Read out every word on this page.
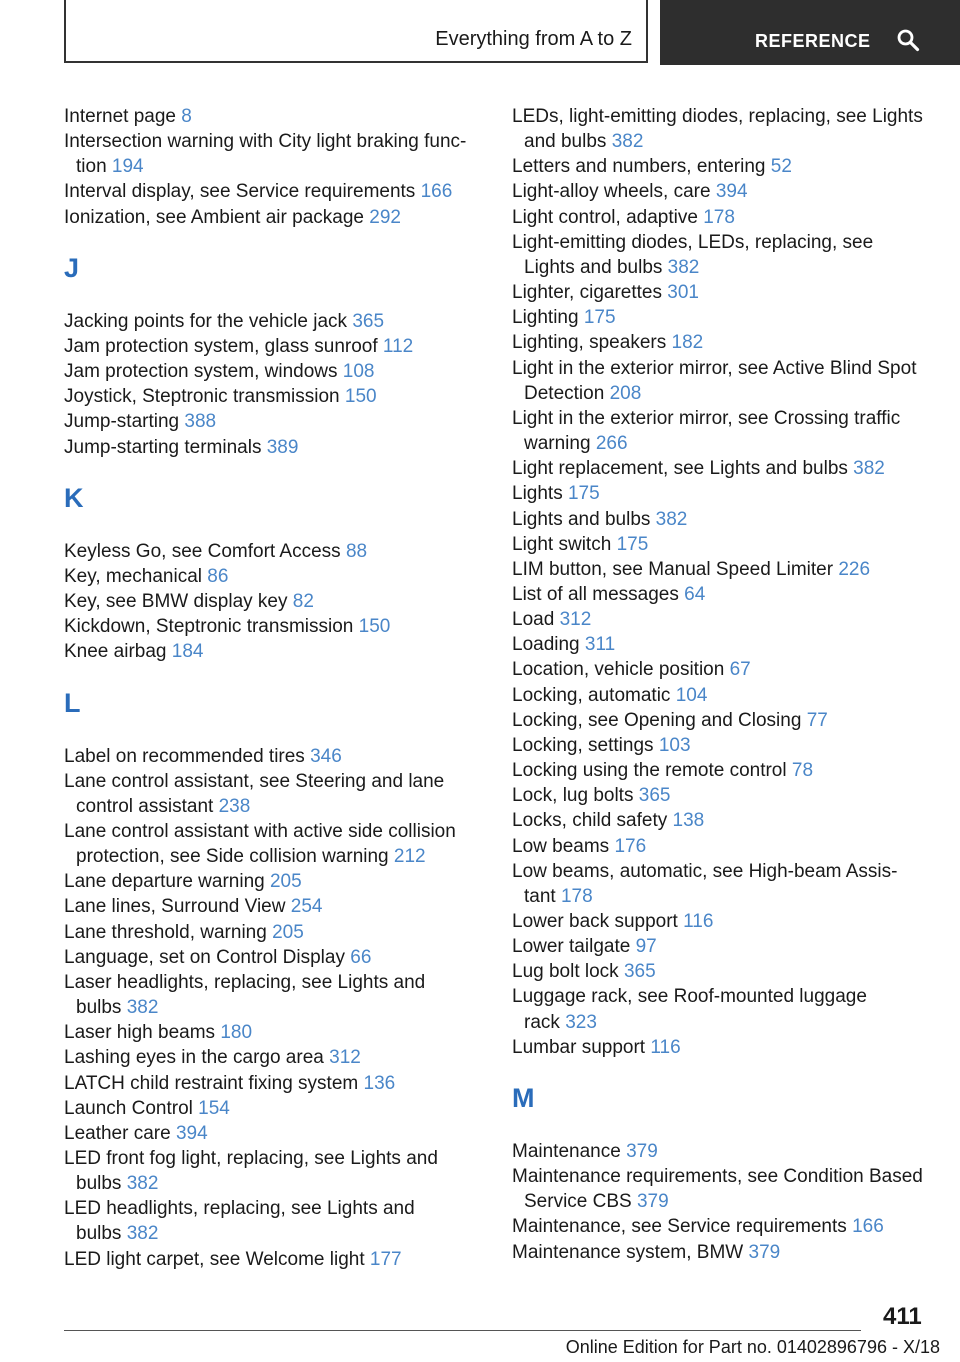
Everything from A to Z	REFERENCE
Internet page 8
Intersection warning with City light braking func‐
tion 194
Interval display, see Service requirements 166
Ionization, see Ambient air package 292
J
Jacking points for the vehicle jack 365
Jam protection system, glass sunroof 112
Jam protection system, windows 108
Joystick, Steptronic transmission 150
Jump-starting 388
Jump-starting terminals 389
K
Keyless Go, see Comfort Access 88
Key, mechanical 86
Key, see BMW display key 82
Kickdown, Steptronic transmission 150
Knee airbag 184
L
Label on recommended tires 346
Lane control assistant, see Steering and lane
control assistant 238
Lane control assistant with active side collision
protection, see Side collision warning 212
Lane departure warning 205
Lane lines, Surround View 254
Lane threshold, warning 205
Language, set on Control Display 66
Laser headlights, replacing, see Lights and
bulbs 382
Laser high beams 180
Lashing eyes in the cargo area 312
LATCH child restraint fixing system 136
Launch Control 154
Leather care 394
LED front fog light, replacing, see Lights and
bulbs 382
LED headlights, replacing, see Lights and
bulbs 382
LED light carpet, see Welcome light 177
LEDs, light-emitting diodes, replacing, see Lights
and bulbs 382
Letters and numbers, entering 52
Light-alloy wheels, care 394
Light control, adaptive 178
Light-emitting diodes, LEDs, replacing, see
Lights and bulbs 382
Lighter, cigarettes 301
Lighting 175
Lighting, speakers 182
Light in the exterior mirror, see Active Blind Spot
Detection 208
Light in the exterior mirror, see Crossing traffic
warning 266
Light replacement, see Lights and bulbs 382
Lights 175
Lights and bulbs 382
Light switch 175
LIM button, see Manual Speed Limiter 226
List of all messages 64
Load 312
Loading 311
Location, vehicle position 67
Locking, automatic 104
Locking, see Opening and Closing 77
Locking, settings 103
Locking using the remote control 78
Lock, lug bolts 365
Locks, child safety 138
Low beams 176
Low beams, automatic, see High-beam Assis‐
tant 178
Lower back support 116
Lower tailgate 97
Lug bolt lock 365
Luggage rack, see Roof-mounted luggage
rack 323
Lumbar support 116
M
Maintenance 379
Maintenance requirements, see Condition Based
Service CBS 379
Maintenance, see Service requirements 166
Maintenance system, BMW 379
411
Online Edition for Part no. 01402896796 - X/18
